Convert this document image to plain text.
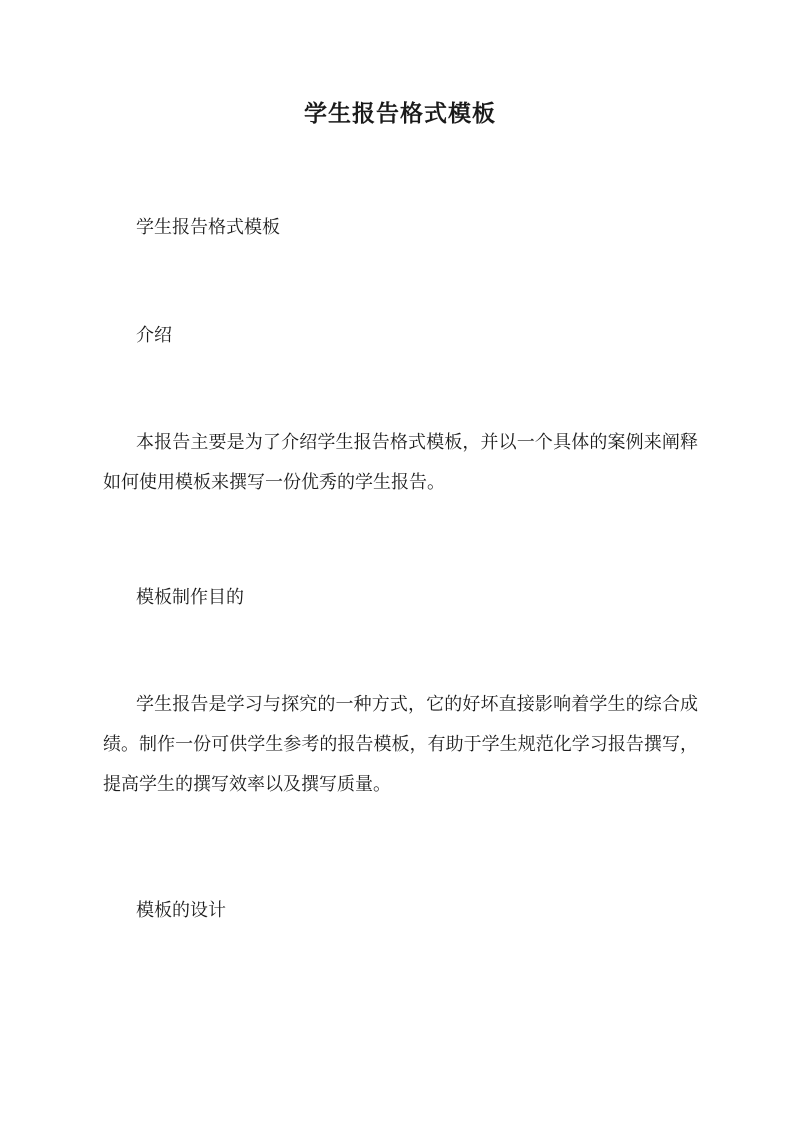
学生报告格式模板

学生报告格式模板

介绍

本报告主要是为了介绍学生报告格式模板，并以一个具体的案例来阐释如何使用模板来撰写一份优秀的学生报告。

模板制作目的

学生报告是学习与探究的一种方式，它的好坏直接影响着学生的综合成绩。制作一份可供学生参考的报告模板，有助于学生规范化学习报告撰写，提高学生的撰写效率以及撰写质量。

模板的设计
